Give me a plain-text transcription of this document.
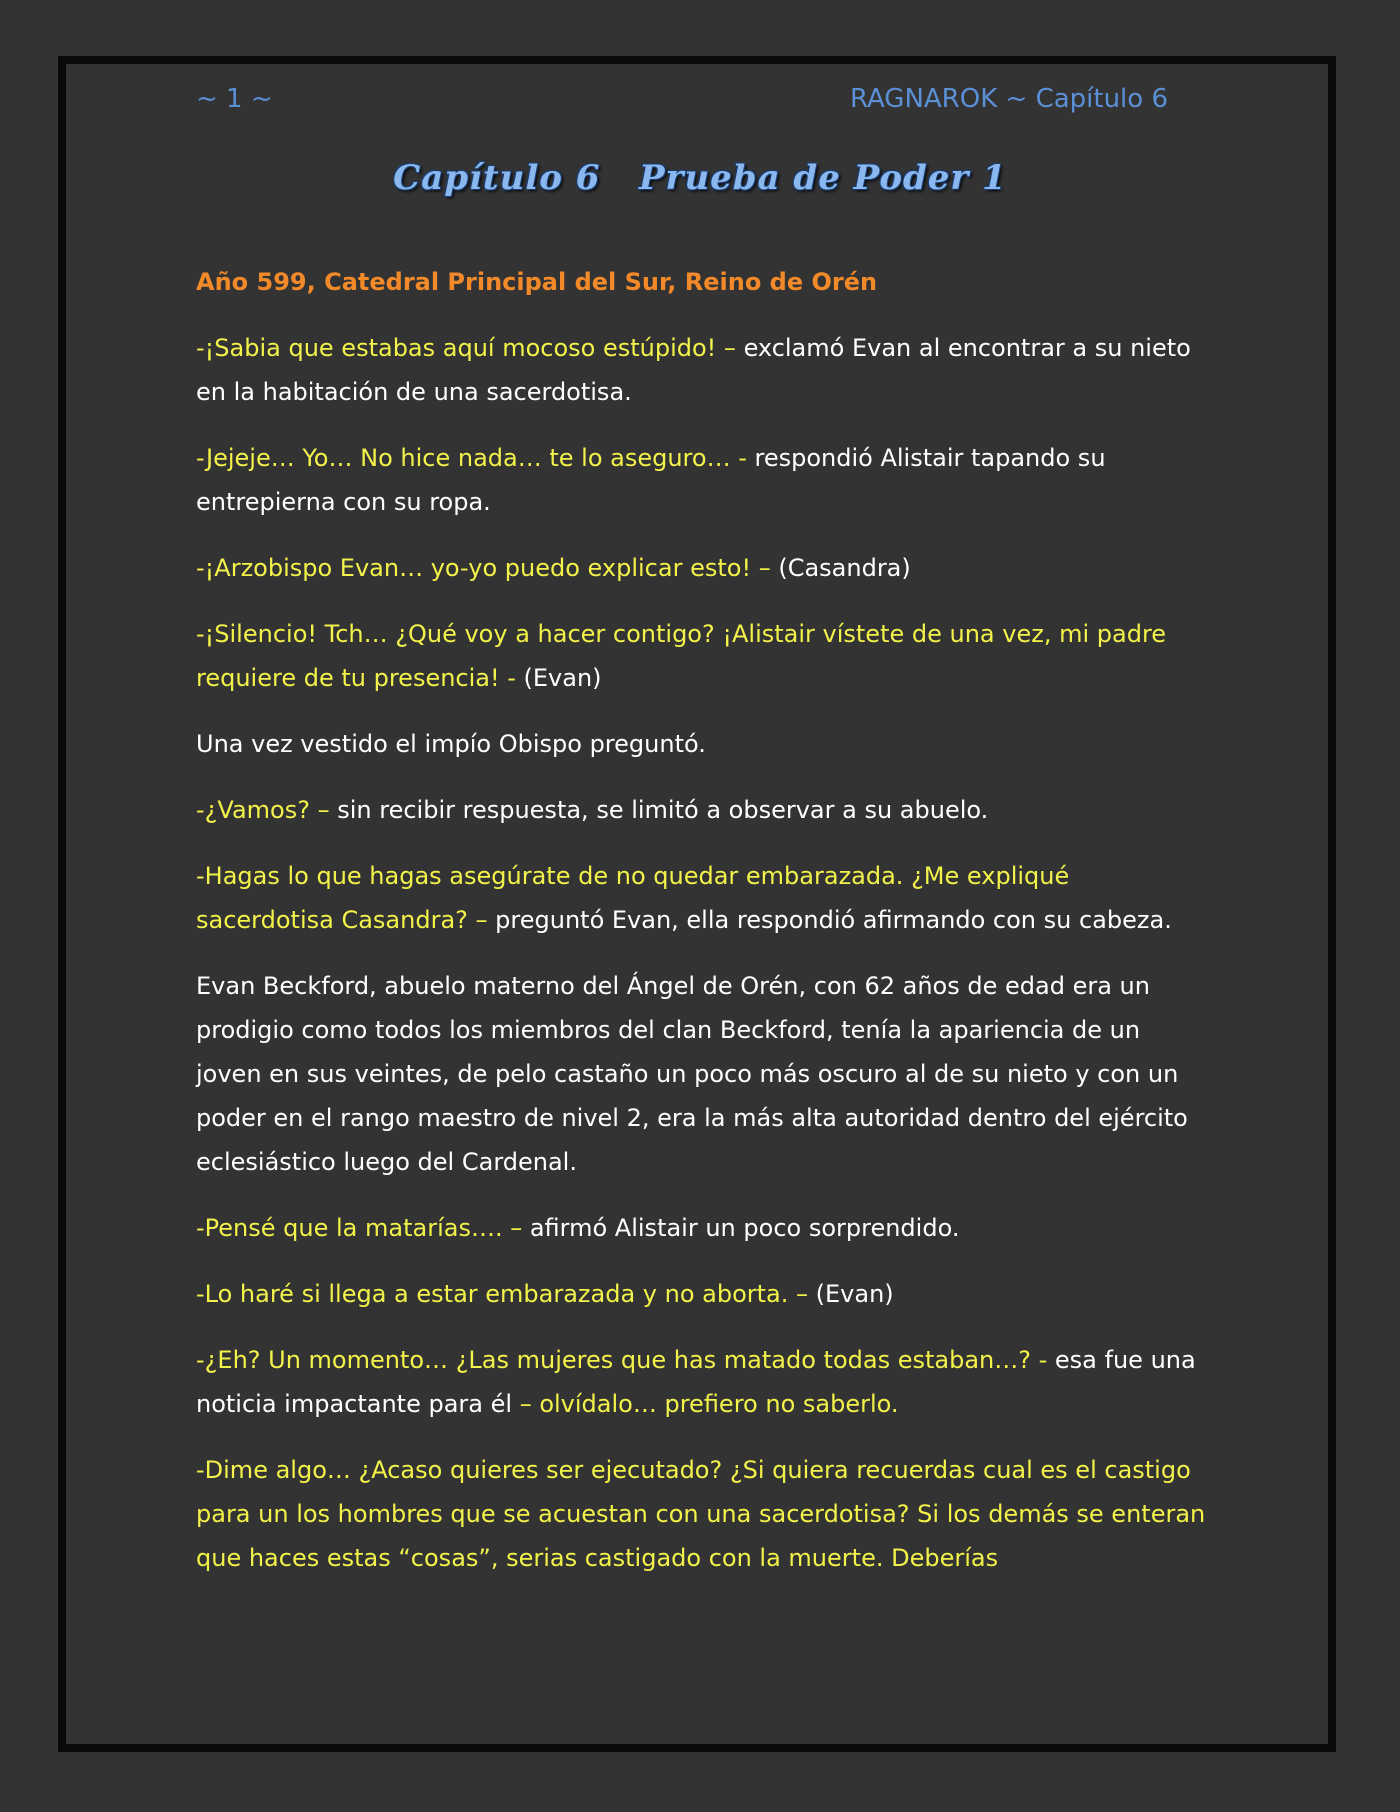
~ 1 ~	RAGNAROK ~ Capítulo 6
Capítulo 6   Prueba de Poder 1

Año 599, Catedral Principal del Sur, Reino de Orén

-¡Sabia que estabas aquí mocoso estúpido! – exclamó Evan al encontrar a su nieto en la habitación de una sacerdotisa.

-Jejeje… Yo… No hice nada… te lo aseguro… - respondió Alistair tapando su entrepierna con su ropa.

-¡Arzobispo Evan… yo-yo puedo explicar esto! – (Casandra)

-¡Silencio! Tch… ¿Qué voy a hacer contigo? ¡Alistair vístete de una vez, mi padre requiere de tu presencia! - (Evan)

Una vez vestido el impío Obispo preguntó.

-¿Vamos? – sin recibir respuesta, se limitó a observar a su abuelo.

-Hagas lo que hagas asegúrate de no quedar embarazada. ¿Me expliqué sacerdotisa Casandra? – preguntó Evan, ella respondió afirmando con su cabeza.

Evan Beckford, abuelo materno del Ángel de Orén, con 62 años de edad era un prodigio como todos los miembros del clan Beckford, tenía la apariencia de un joven en sus veintes, de pelo castaño un poco más oscuro al de su nieto y con un poder en el rango maestro de nivel 2, era la más alta autoridad dentro del ejército eclesiástico luego del Cardenal.

-Pensé que la matarías…. – afirmó Alistair un poco sorprendido.

-Lo haré si llega a estar embarazada y no aborta. – (Evan)

-¿Eh? Un momento… ¿Las mujeres que has matado todas estaban…? - esa fue una noticia impactante para él – olvídalo… prefiero no saberlo.

-Dime algo… ¿Acaso quieres ser ejecutado? ¿Si quiera recuerdas cual es el castigo para un los hombres que se acuestan con una sacerdotisa? Si los demás se enteran que haces estas “cosas”, serias castigado con la muerte. Deberías
